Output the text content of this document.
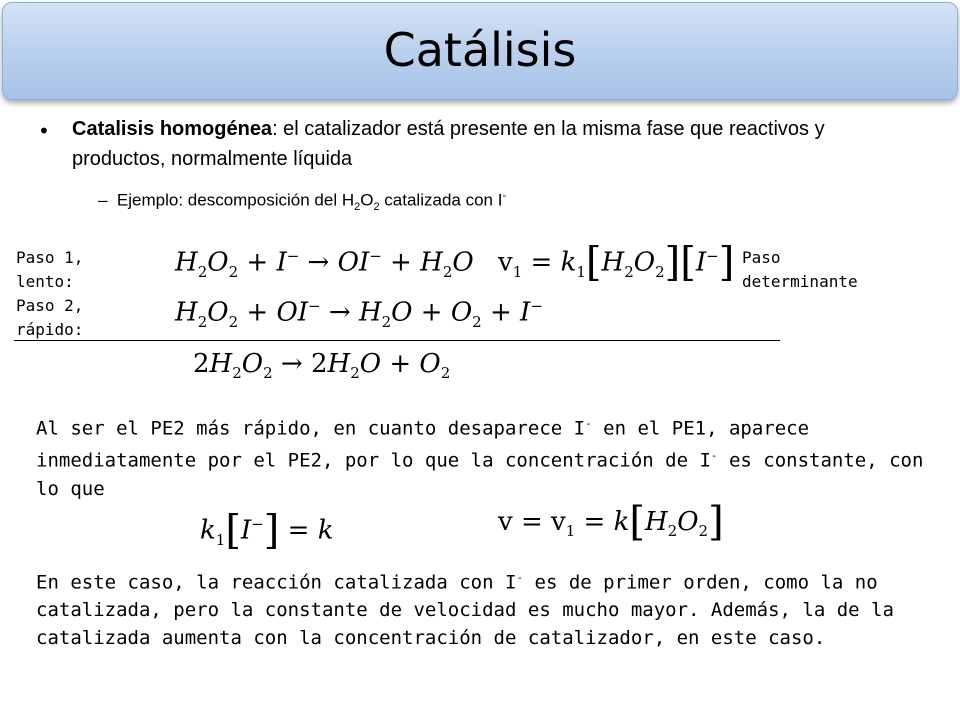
Catálisis
• Catalisis homogénea: el catalizador está presente en la misma fase que reactivos y productos, normalmente líquida
– Ejemplo: descomposición del $H_2O_2$ catalizada con I-
Paso 1, lento:
Paso 2, rápido:
Paso determinante
$H_2O_2 + I^- \to OI^- + H_2O$ $v_1 = k_1[H_2O_2][I^-]$
$H_2O_2 + OI^- \to H_2O + O_2 + I^-$
$2H_2O_2 \to 2H_2O + O_2$
Al ser el PE2 más rápido, en cuanto desaparece I- en el PE1, aparece inmediatamente por el PE2, por lo que la concentración de I- es constante, con lo que
$k_1[I^-] = k$	$v = v_1 = k[H_2O_2]$
En este caso, la reacción catalizada con I- es de primer orden, como la no catalizada, pero la constante de velocidad es mucho mayor. Además, la de la catalizada aumenta con la concentración de catalizador, en este caso.
